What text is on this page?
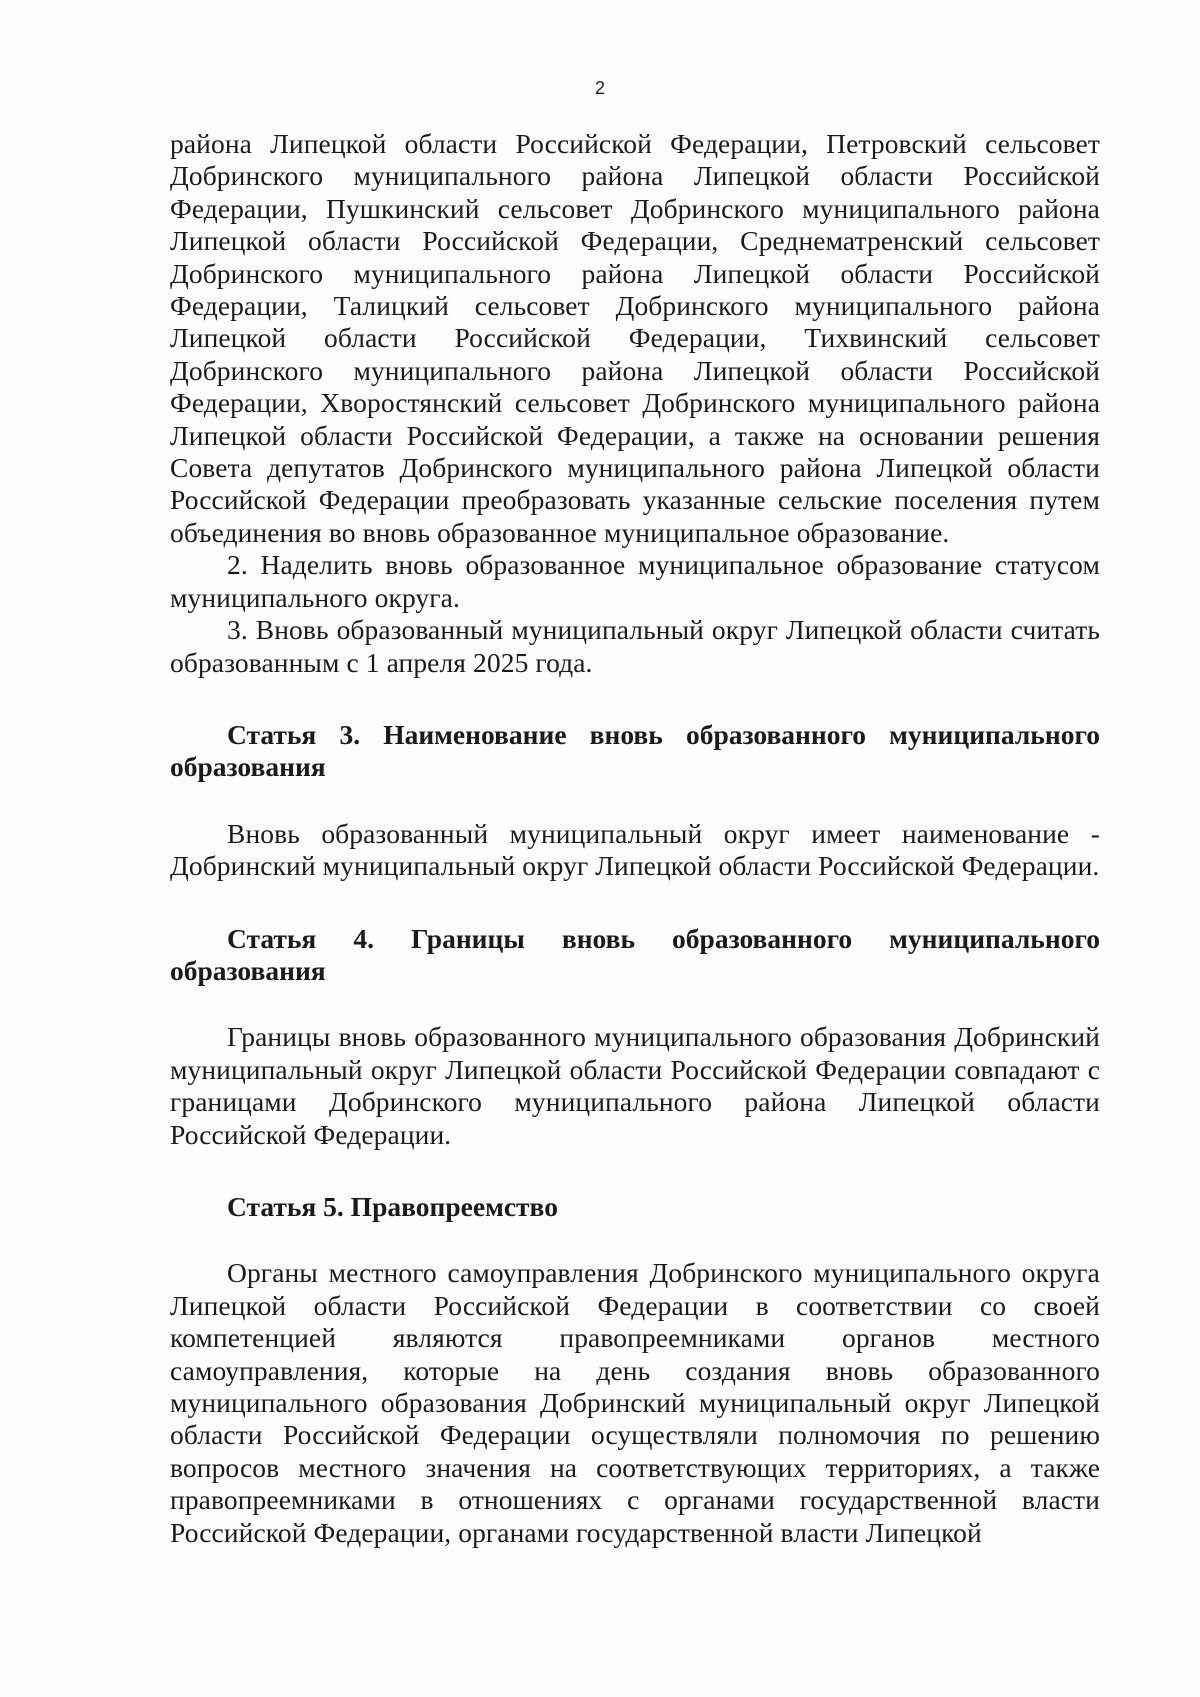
2

района Липецкой области Российской Федерации, Петровский сельсовет Добринского муниципального района Липецкой области Российской Федерации, Пушкинский сельсовет Добринского муниципального района Липецкой области Российской Федерации, Среднематренский сельсовет Добринского муниципального района Липецкой области Российской Федерации, Талицкий сельсовет Добринского муниципального района Липецкой области Российской Федерации, Тихвинский сельсовет Добринского муниципального района Липецкой области Российской Федерации, Хворостянский сельсовет Добринского муниципального района Липецкой области Российской Федерации, а также на основании решения Совета депутатов Добринского муниципального района Липецкой области Российской Федерации преобразовать указанные сельские поселения путем объединения во вновь образованное муниципальное образование.

2. Наделить вновь образованное муниципальное образование статусом муниципального округа.

3. Вновь образованный муниципальный округ Липецкой области считать образованным с 1 апреля 2025 года.

Статья 3. Наименование вновь образованного муниципального образования

Вновь образованный муниципальный округ имеет наименование - Добринский муниципальный округ Липецкой области Российской Федерации.

Статья 4. Границы вновь образованного муниципального образования

Границы вновь образованного муниципального образования Добринский муниципальный округ Липецкой области Российской Федерации совпадают с границами Добринского муниципального района Липецкой области Российской Федерации.

Статья 5. Правопреемство

Органы местного самоуправления Добринского муниципального округа Липецкой области Российской Федерации в соответствии со своей компетенцией являются правопреемниками органов местного самоуправления, которые на день создания вновь образованного муниципального образования Добринский муниципальный округ Липецкой области Российской Федерации осуществляли полномочия по решению вопросов местного значения на соответствующих территориях, а также правопреемниками в отношениях с органами государственной власти Российской Федерации, органами государственной власти Липецкой
